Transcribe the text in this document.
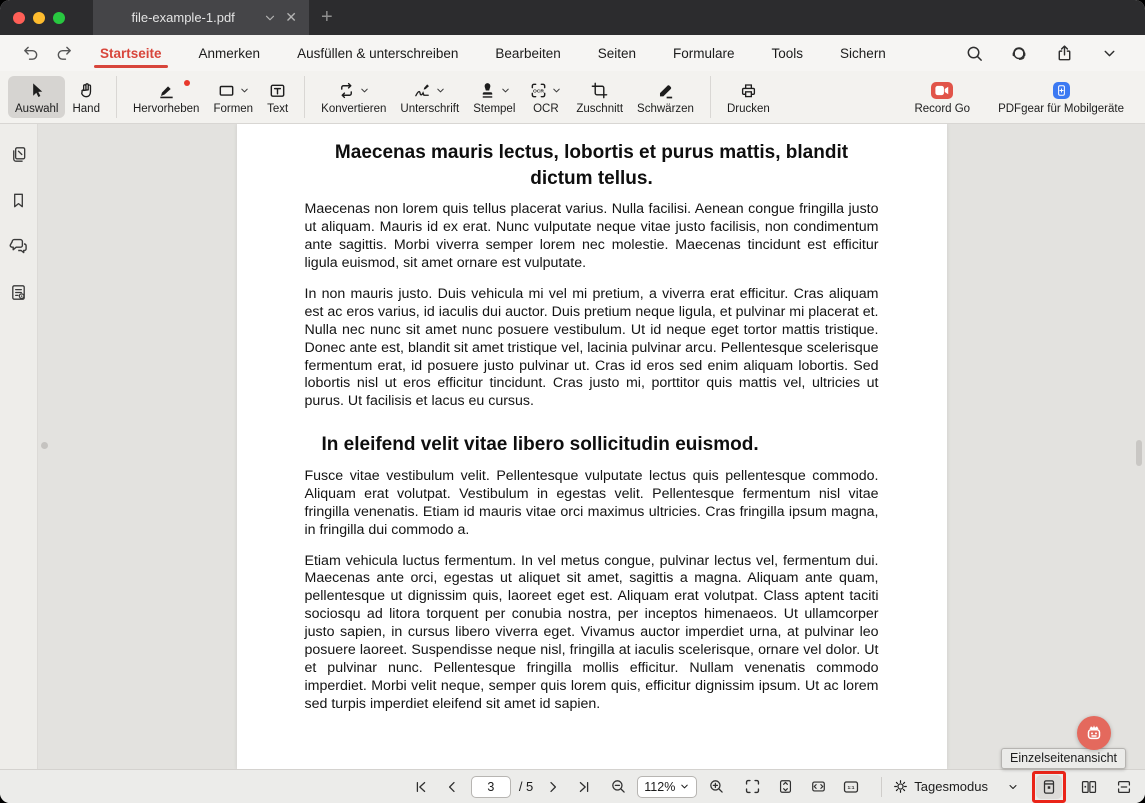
file-example-1.pdf	✕	+
Startseite	Anmerken	Ausfüllen & unterschreiben	Bearbeiten	Seiten	Formulare	Tools	Sichern
Auswahl Hand	Hervorheben Formen Text	Konvertieren Unterschrift Stempel OCR Zuschnitt Schwärzen	Drucken	Record Go PDFgear für Mobilgeräte
Maecenas mauris lectus, lobortis et purus mattis, blandit dictum tellus.

Maecenas non lorem quis tellus placerat varius. Nulla facilisi. Aenean congue fringilla justo ut aliquam. Mauris id ex erat. Nunc vulputate neque vitae justo facilisis, non condimentum ante sagittis. Morbi viverra semper lorem nec molestie. Maecenas tincidunt est efficitur ligula euismod, sit amet ornare est vulputate.

In non mauris justo. Duis vehicula mi vel mi pretium, a viverra erat efficitur. Cras aliquam est ac eros varius, id iaculis dui auctor. Duis pretium neque ligula, et pulvinar mi placerat et. Nulla nec nunc sit amet nunc posuere vestibulum. Ut id neque eget tortor mattis tristique. Donec ante est, blandit sit amet tristique vel, lacinia pulvinar arcu. Pellentesque scelerisque fermentum erat, id posuere justo pulvinar ut. Cras id eros sed enim aliquam lobortis. Sed lobortis nisl ut eros efficitur tincidunt. Cras justo mi, porttitor quis mattis vel, ultricies ut purus. Ut facilisis et lacus eu cursus.

In eleifend velit vitae libero sollicitudin euismod.

Fusce vitae vestibulum velit. Pellentesque vulputate lectus quis pellentesque commodo. Aliquam erat volutpat. Vestibulum in egestas velit. Pellentesque fermentum nisl vitae fringilla venenatis. Etiam id mauris vitae orci maximus ultricies. Cras fringilla ipsum magna, in fringilla dui commodo a.

Etiam vehicula luctus fermentum. In vel metus congue, pulvinar lectus vel, fermentum dui. Maecenas ante orci, egestas ut aliquet sit amet, sagittis a magna. Aliquam ante quam, pellentesque ut dignissim quis, laoreet eget est. Aliquam erat volutpat. Class aptent taciti sociosqu ad litora torquent per conubia nostra, per inceptos himenaeos. Ut ullamcorper justo sapien, in cursus libero viverra eget. Vivamus auctor imperdiet urna, at pulvinar leo posuere laoreet. Suspendisse neque nisl, fringilla at iaculis scelerisque, ornare vel dolor. Ut et pulvinar nunc. Pellentesque fringilla mollis efficitur. Nullam venenatis commodo imperdiet. Morbi velit neque, semper quis lorem quis, efficitur dignissim ipsum. Ut ac lorem sed turpis imperdiet eleifend sit amet id sapien.

3
/ 5	112%	Tagesmodus
Einzelseitenansicht
